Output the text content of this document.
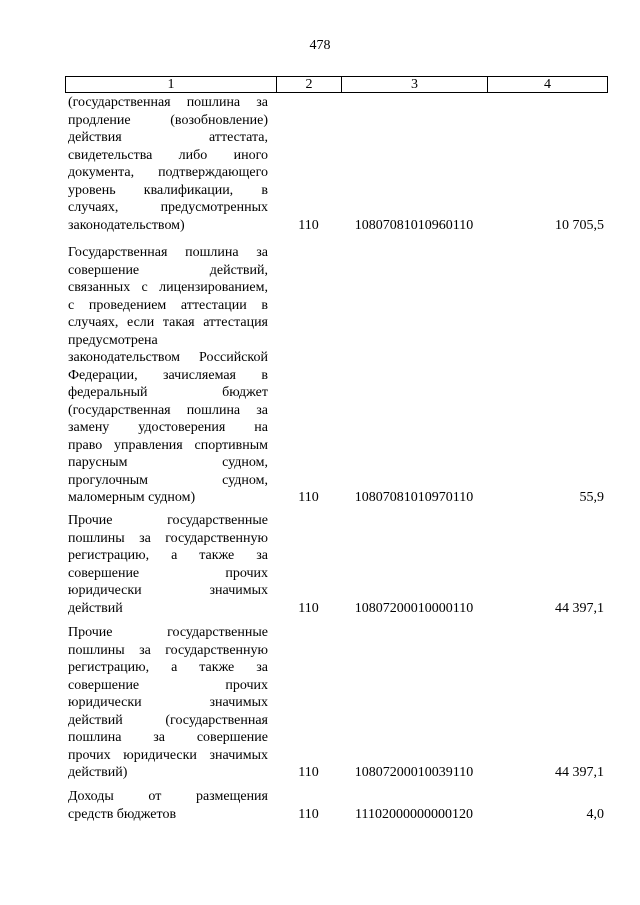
478
1	2	3	4
(государственная пошлина за
продление	(возобновление)
действия	аттестата,
свидетельства либо иного
документа, подтверждающего
уровень квалификации, в
случаях,	предусмотренных
законодательством)	110	10807081010960110	10 705,5
Государственная пошлина за
совершение	действий,
связанных с лицензированием,
с проведением аттестации в
случаях, если такая аттестация
предусмотрена
законодательством Российской
Федерации, зачисляемая в
федеральный	бюджет
(государственная пошлина за
замену удостоверения на
право управления спортивным
парусным	судном,
прогулочным	судном,
маломерным судном)	110	10807081010970110	55,9
Прочие	государственные
пошлины за государственную
регистрацию, а также за
совершение	прочих
юридически	значимых
действий	110	10807200010000110	44 397,1
Прочие	государственные
пошлины за государственную
регистрацию, а также за
совершение	прочих
юридически	значимых
действий	(государственная
пошлина за совершение
прочих юридически значимых
действий)	110	10807200010039110	44 397,1
Доходы от размещения
средств бюджетов	110	11102000000000120	4,0
